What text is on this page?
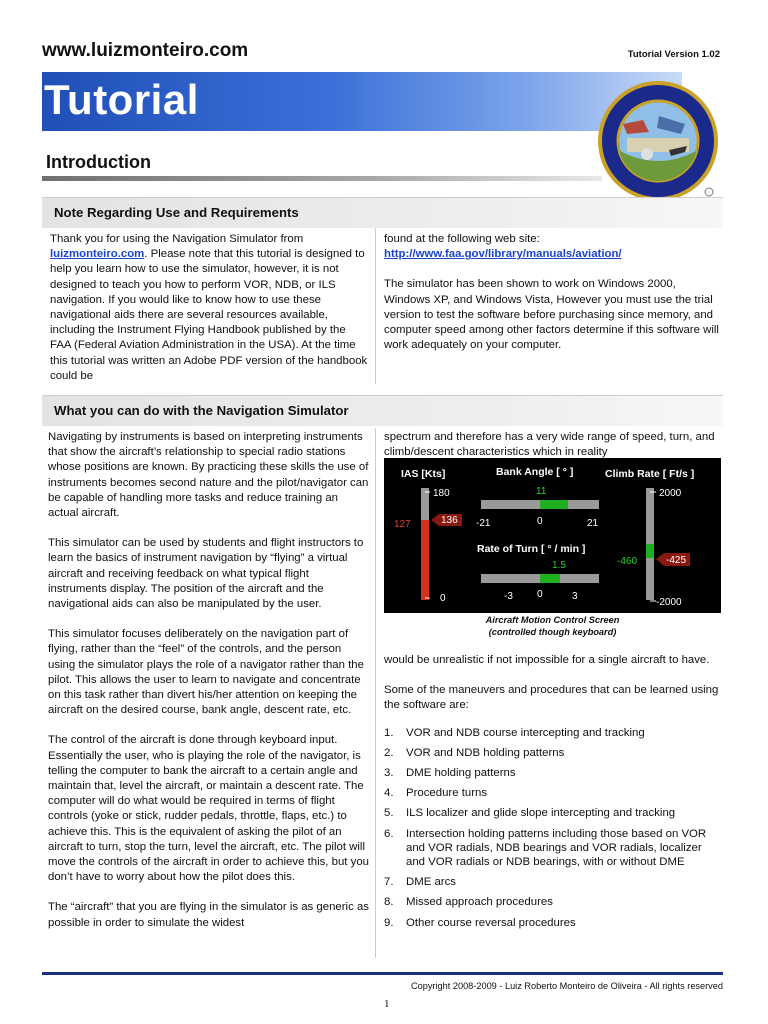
www.luizmonteiro.com	Tutorial Version 1.02
Tutorial
Introduction
Note Regarding Use and Requirements

Thank you for using the Navigation Simulator from luizmonteiro.com. Please note that this tutorial is designed to help you learn how to use the simulator, however, it is not designed to teach you how to perform VOR, NDB, or ILS navigation. If you would like to know how to use these navigational aids there are several resources available, including the Instrument Flying Handbook published by the FAA (Federal Aviation Administration in the USA). At the time this tutorial was written an Adobe PDF version of the handbook could be

found at the following web site:

http://www.faa.gov/library/manuals/aviation/

The simulator has been shown to work on Windows 2000, Windows XP, and Windows Vista, However you must use the trial version to test the software before purchasing since memory, and computer speed among other factors determine if this software will work adequately on your computer.

What you can do with the Navigation Simulator

Navigating by instruments is based on interpreting instruments that show the aircraft’s relationship to special radio stations whose positions are known. By practicing these skills the use of instruments becomes second nature and the pilot/navigator can be capable of handling more tasks and reduce training an actual aircraft.

This simulator can be used by students and flight instructors to learn the basics of instrument navigation by “flying” a virtual aircraft and receiving feedback on what typical flight instruments display. The position of the aircraft and the navigational aids can also be manipulated by the user.

This simulator focuses deliberately on the navigation part of flying, rather than the “feel” of the controls, and the person using the simulator plays the role of a navigator rather than the pilot. This allows the user to learn to navigate and concentrate on this task rather than divert his/her attention on keeping the aircraft on the desired course, bank angle, descent rate, etc.

The control of the aircraft is done through keyboard input. Essentially the user, who is playing the role of the navigator, is telling the computer to bank the aircraft to a certain angle and maintain that, level the aircraft, or maintain a descent rate. The computer will do what would be required in terms of flight controls (yoke or stick, rudder pedals, throttle, flaps, etc.) to achieve this. This is the equivalent of asking the pilot of an aircraft to turn, stop the turn, level the aircraft, etc. The pilot will move the controls of the aircraft in order to achieve this, but you don’t have to worry about how the pilot does this.

The “aircraft” that you are flying in the simulator is as generic as possible in order to simulate the widest

spectrum and therefore has a very wide range of speed, turn, and climb/descent characteristics which in reality
IAS [Kts]
180
0
127	136
Bank Angle [ ° ]
11
-21	0	21
Rate of Turn [ ° / min ]
1.5
-3 0	3
Climb Rate [ Ft/s ]
2000
-2000
-460	-425
Aircraft Motion Control Screen
(controlled though keyboard)

would be unrealistic if not impossible for a single aircraft to have.

Some of the maneuvers and procedures that can be learned using the software are:

1. VOR and NDB course intercepting and tracking
2. VOR and NDB holding patterns
3. DME holding patterns
4. Procedure turns
5. ILS localizer and glide slope intercepting and tracking
6. Intersection holding patterns including those based on VOR and VOR radials, NDB bearings and VOR radials, localizer and VOR radials or NDB bearings, with or without DME
7. DME arcs
8. Missed approach procedures
9. Other course reversal procedures
Copyright 2008-2009 - Luiz Roberto Monteiro de Oliveira - All rights reserved
1
